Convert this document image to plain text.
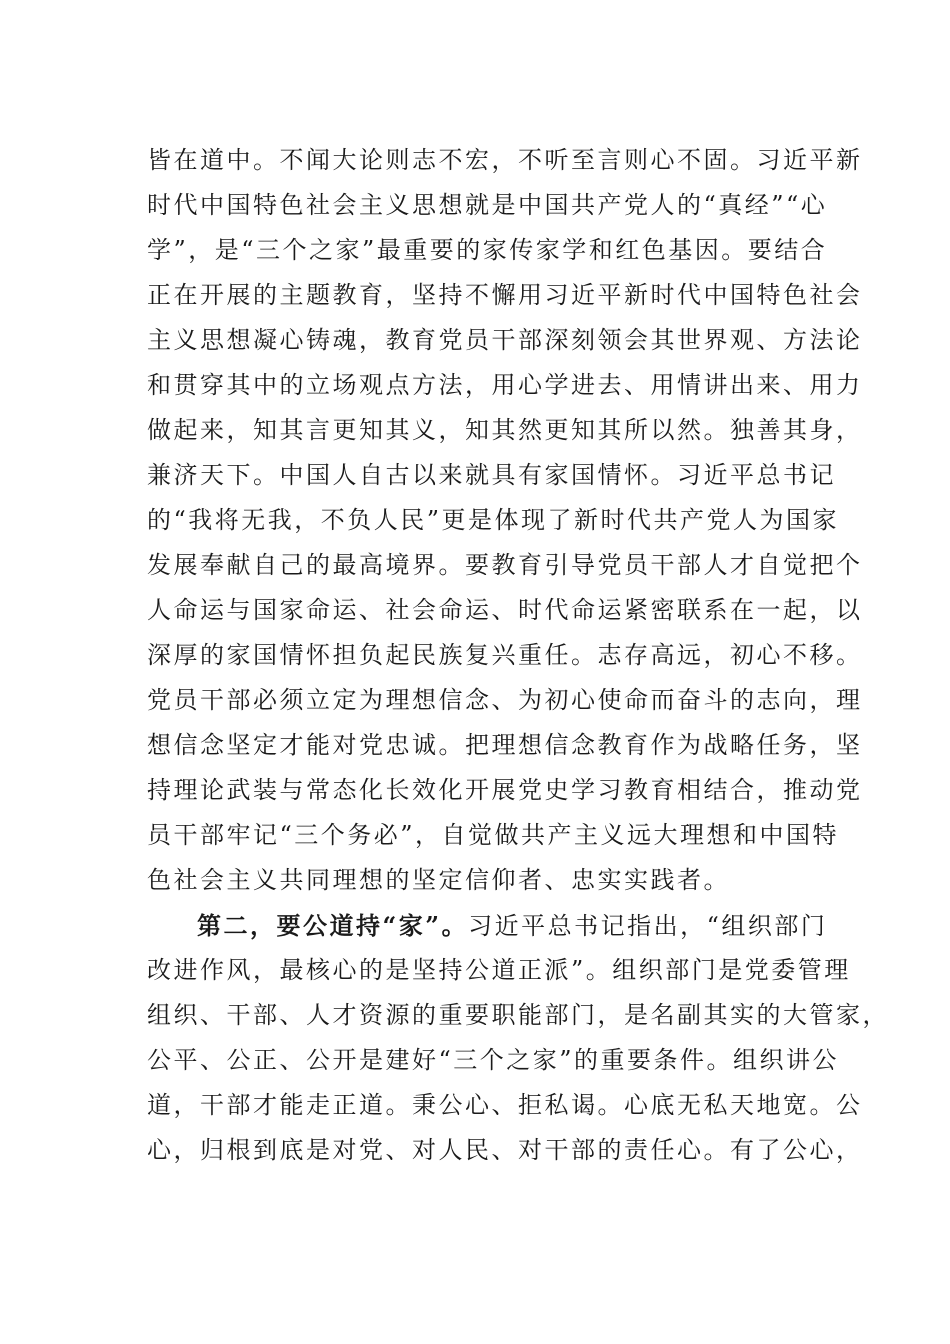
皆在道中。不闻大论则志不宏，不听至言则心不固。习近平新
时代中国特色社会主义思想就是中国共产党人的“真经”“心
学”，是“三个之家”最重要的家传家学和红色基因。要结合
正在开展的主题教育，坚持不懈用习近平新时代中国特色社会
主义思想凝心铸魂，教育党员干部深刻领会其世界观、方法论
和贯穿其中的立场观点方法，用心学进去、用情讲出来、用力
做起来，知其言更知其义，知其然更知其所以然。独善其身，
兼济天下。中国人自古以来就具有家国情怀。习近平总书记
的“我将无我，不负人民”更是体现了新时代共产党人为国家
发展奉献自己的最高境界。要教育引导党员干部人才自觉把个
人命运与国家命运、社会命运、时代命运紧密联系在一起，以
深厚的家国情怀担负起民族复兴重任。志存高远，初心不移。
党员干部必须立定为理想信念、为初心使命而奋斗的志向，理
想信念坚定才能对党忠诚。把理想信念教育作为战略任务，坚
持理论武装与常态化长效化开展党史学习教育相结合，推动党
员干部牢记“三个务必”，自觉做共产主义远大理想和中国特
色社会主义共同理想的坚定信仰者、忠实实践者。
第二，要公道持“家”。习近平总书记指出，“组织部门
改进作风，最核心的是坚持公道正派”。组织部门是党委管理
组织、干部、人才资源的重要职能部门，是名副其实的大管家，
公平、公正、公开是建好“三个之家”的重要条件。组织讲公
道，干部才能走正道。秉公心、拒私谒。心底无私天地宽。公
心，归根到底是对党、对人民、对干部的责任心。有了公心，
